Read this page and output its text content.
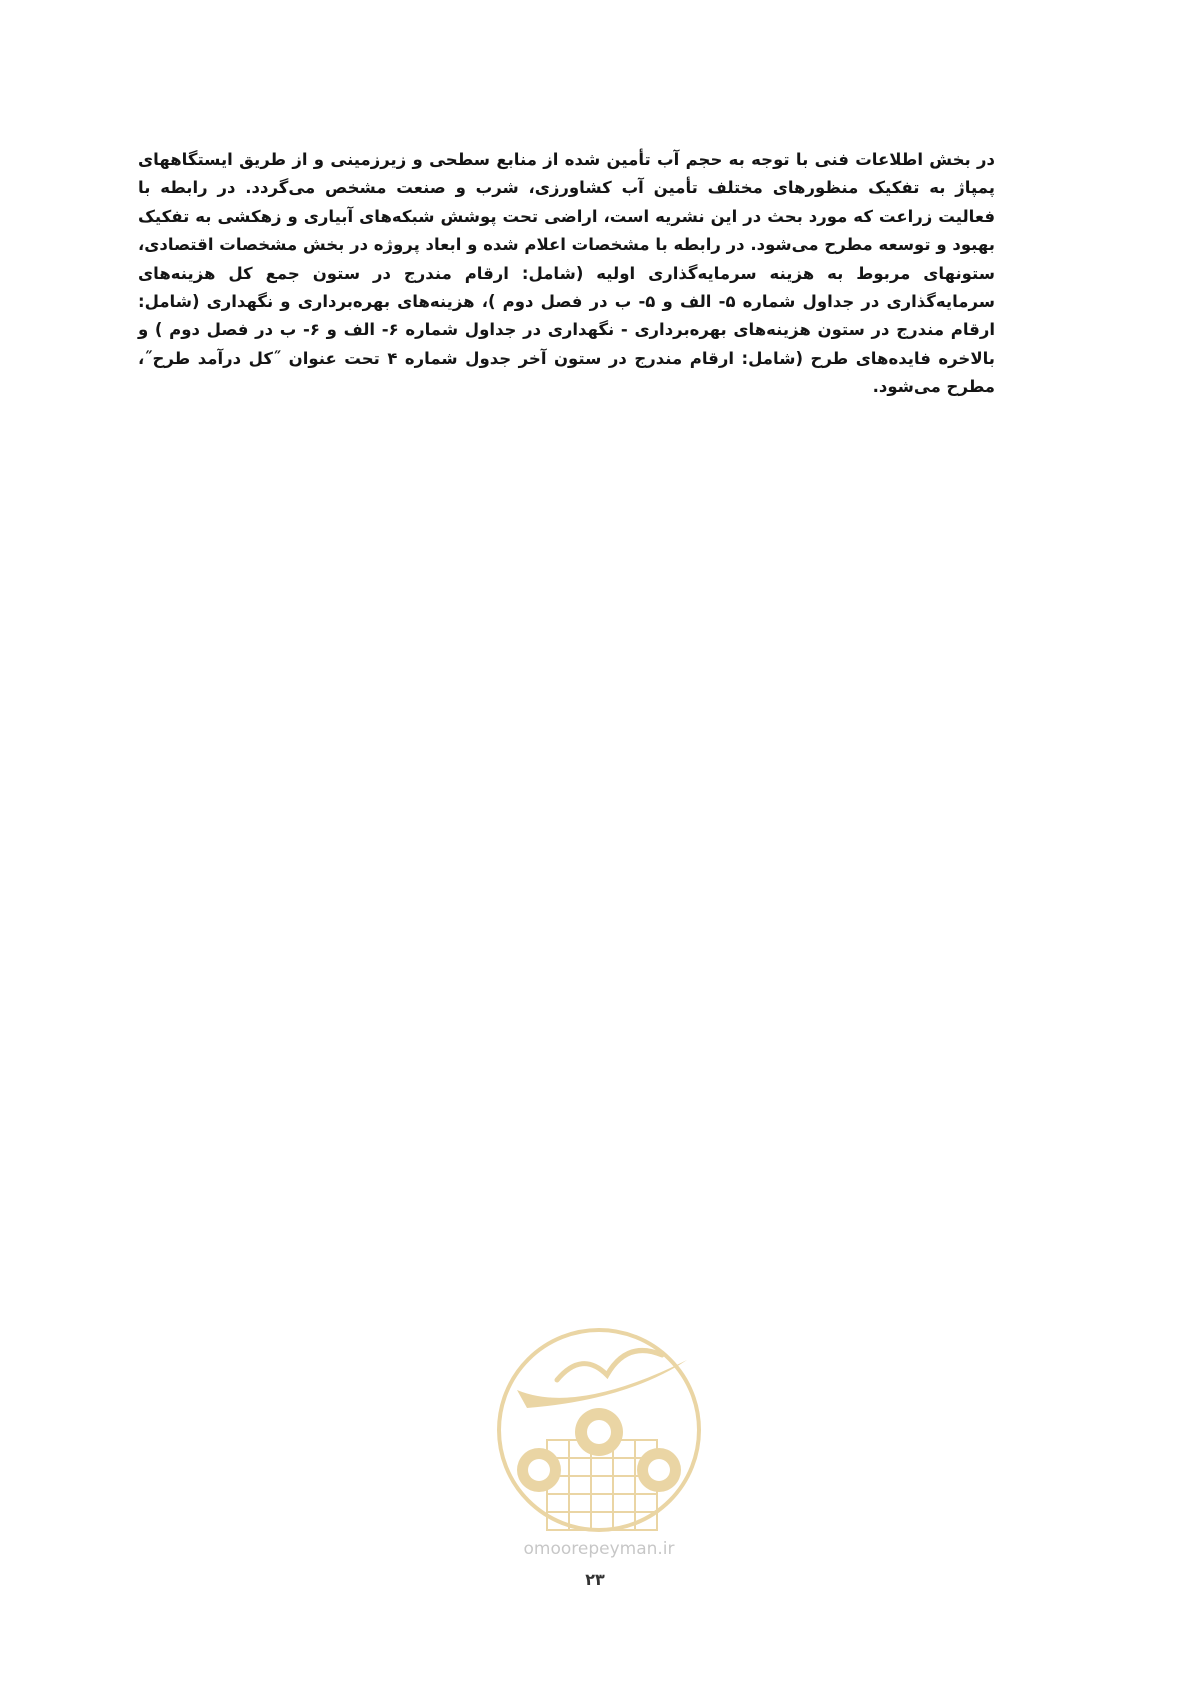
در بخش اطلاعات فنی با توجه به حجم آب تأمین شده از منابع سطحی و زیرزمینی و از طریق ایستگاههای پمپاژ به تفکیک منظورهای مختلف تأمین آب کشاورزی، شرب و صنعت مشخص می‌گردد. در رابطه با فعالیت زراعت که مورد بحث در این نشریه است، اراضی تحت پوشش شبکه‌های آبیاری و زهکشی به تفکیک بهبود و توسعه مطرح می‌شود. در رابطه با مشخصات اعلام شده و ابعاد پروژه در بخش مشخصات اقتصادی، ستونهای مربوط به هزینه سرمایه‌گذاری اولیه (شامل: ارقام مندرج در ستون جمع کل هزینه‌های سرمایه‌گذاری در جداول شماره ۵- الف و ۵- ب در فصل دوم )، هزینه‌های بهره‌برداری و نگهداری (شامل: ارقام مندرج در ستون هزینه‌های بهره‌برداری - نگهداری در جداول شماره ۶- الف و ۶- ب در فصل دوم ) و بالاخره فایده‌های طرح (شامل: ارقام مندرج در ستون آخر جدول شماره ۴ تحت عنوان ˝کل درآمد طرح˝، مطرح می‌شود.

omoorepeyman.ir
۲۳
